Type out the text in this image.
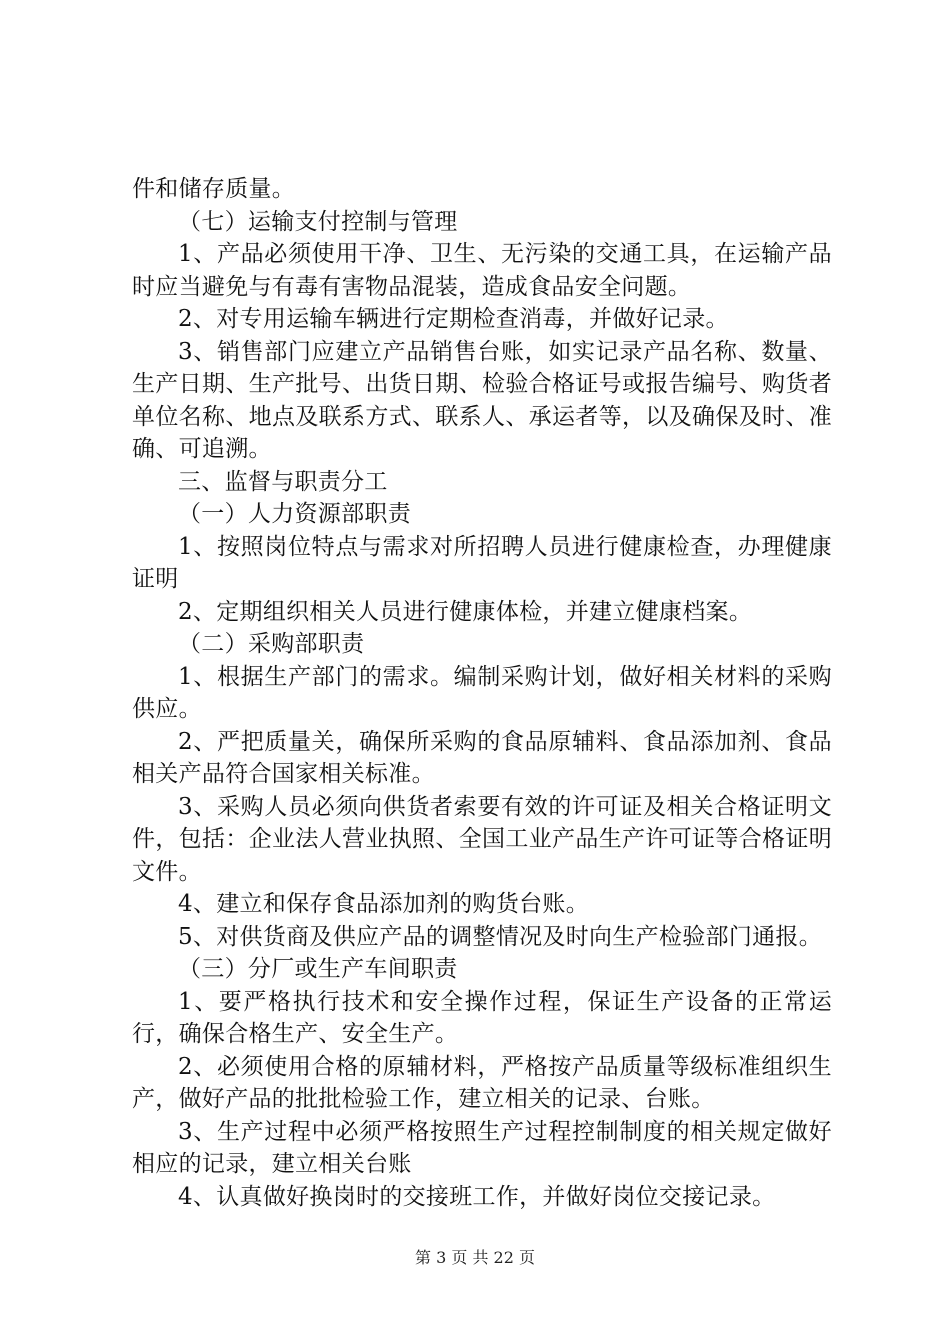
件和储存质量。

（七）运输支付控制与管理

1、产品必须使用干净、卫生、无污染的交通工具，在运输产品时应当避免与有毒有害物品混装，造成食品安全问题。

2、对专用运输车辆进行定期检查消毒，并做好记录。

3、销售部门应建立产品销售台账，如实记录产品名称、数量、生产日期、生产批号、出货日期、检验合格证号或报告编号、购货者单位名称、地点及联系方式、联系人、承运者等，以及确保及时、准确、可追溯。

三、监督与职责分工

（一）人力资源部职责

1、按照岗位特点与需求对所招聘人员进行健康检查，办理健康证明

2、定期组织相关人员进行健康体检，并建立健康档案。

（二）采购部职责

1、根据生产部门的需求。编制采购计划，做好相关材料的采购供应。

2、严把质量关，确保所采购的食品原辅料、食品添加剂、食品相关产品符合国家相关标准。

3、采购人员必须向供货者索要有效的许可证及相关合格证明文件，包括：企业法人营业执照、全国工业产品生产许可证等合格证明文件。

4、建立和保存食品添加剂的购货台账。

5、对供货商及供应产品的调整情况及时向生产检验部门通报。

（三）分厂或生产车间职责

1、要严格执行技术和安全操作过程，保证生产设备的正常运行，确保合格生产、安全生产。

2、必须使用合格的原辅材料，严格按产品质量等级标准组织生产，做好产品的批批检验工作，建立相关的记录、台账。

3、生产过程中必须严格按照生产过程控制制度的相关规定做好相应的记录，建立相关台账

4、认真做好换岗时的交接班工作，并做好岗位交接记录。

第 3 页 共 22 页
